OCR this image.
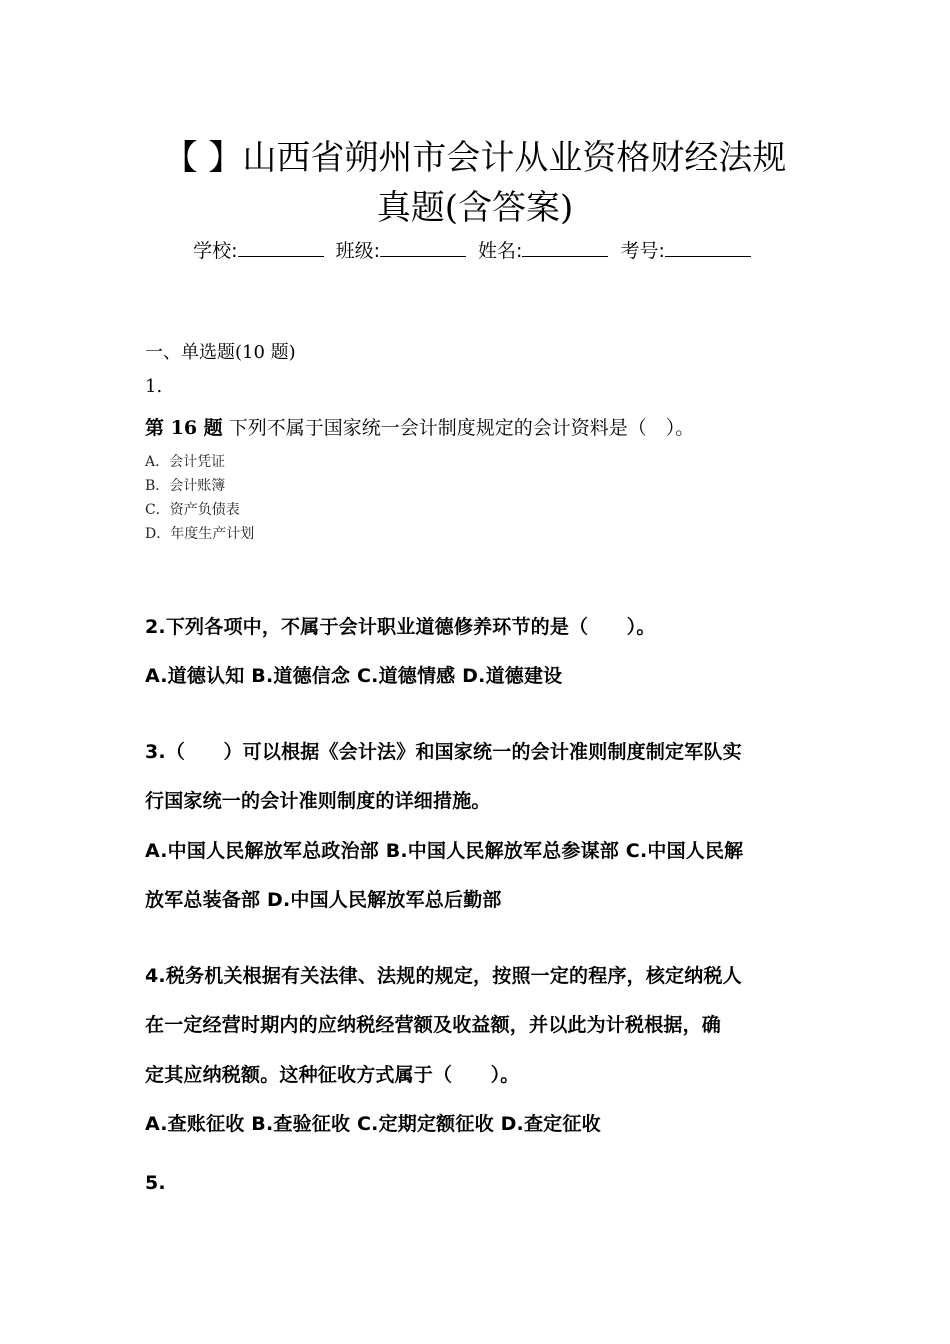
【 】山西省朔州市会计从业资格财经法规
真题(含答案)
学校:	班级:	姓名:	考号:
一、单选题(10 题)
1.
第 16 题 下列不属于国家统一会计制度规定的会计资料是（　）。
A．会计凭证
B．会计账簿
C．资产负债表
D．年度生产计划
2.下列各项中，不属于会计职业道德修养环节的是（　　）。
A.道德认知 B.道德信念 C.道德情感 D.道德建设
3.（　　）可以根据《会计法》和国家统一的会计准则制度制定军队实
行国家统一的会计准则制度的详细措施。
A.中国人民解放军总政治部 B.中国人民解放军总参谋部 C.中国人民解
放军总装备部 D.中国人民解放军总后勤部
4.税务机关根据有关法律、法规的规定，按照一定的程序，核定纳税人
在一定经营时期内的应纳税经营额及收益额，并以此为计税根据，确
定其应纳税额。这种征收方式属于（　　）。
A.查账征收 B.查验征收 C.定期定额征收 D.查定征收
5.
